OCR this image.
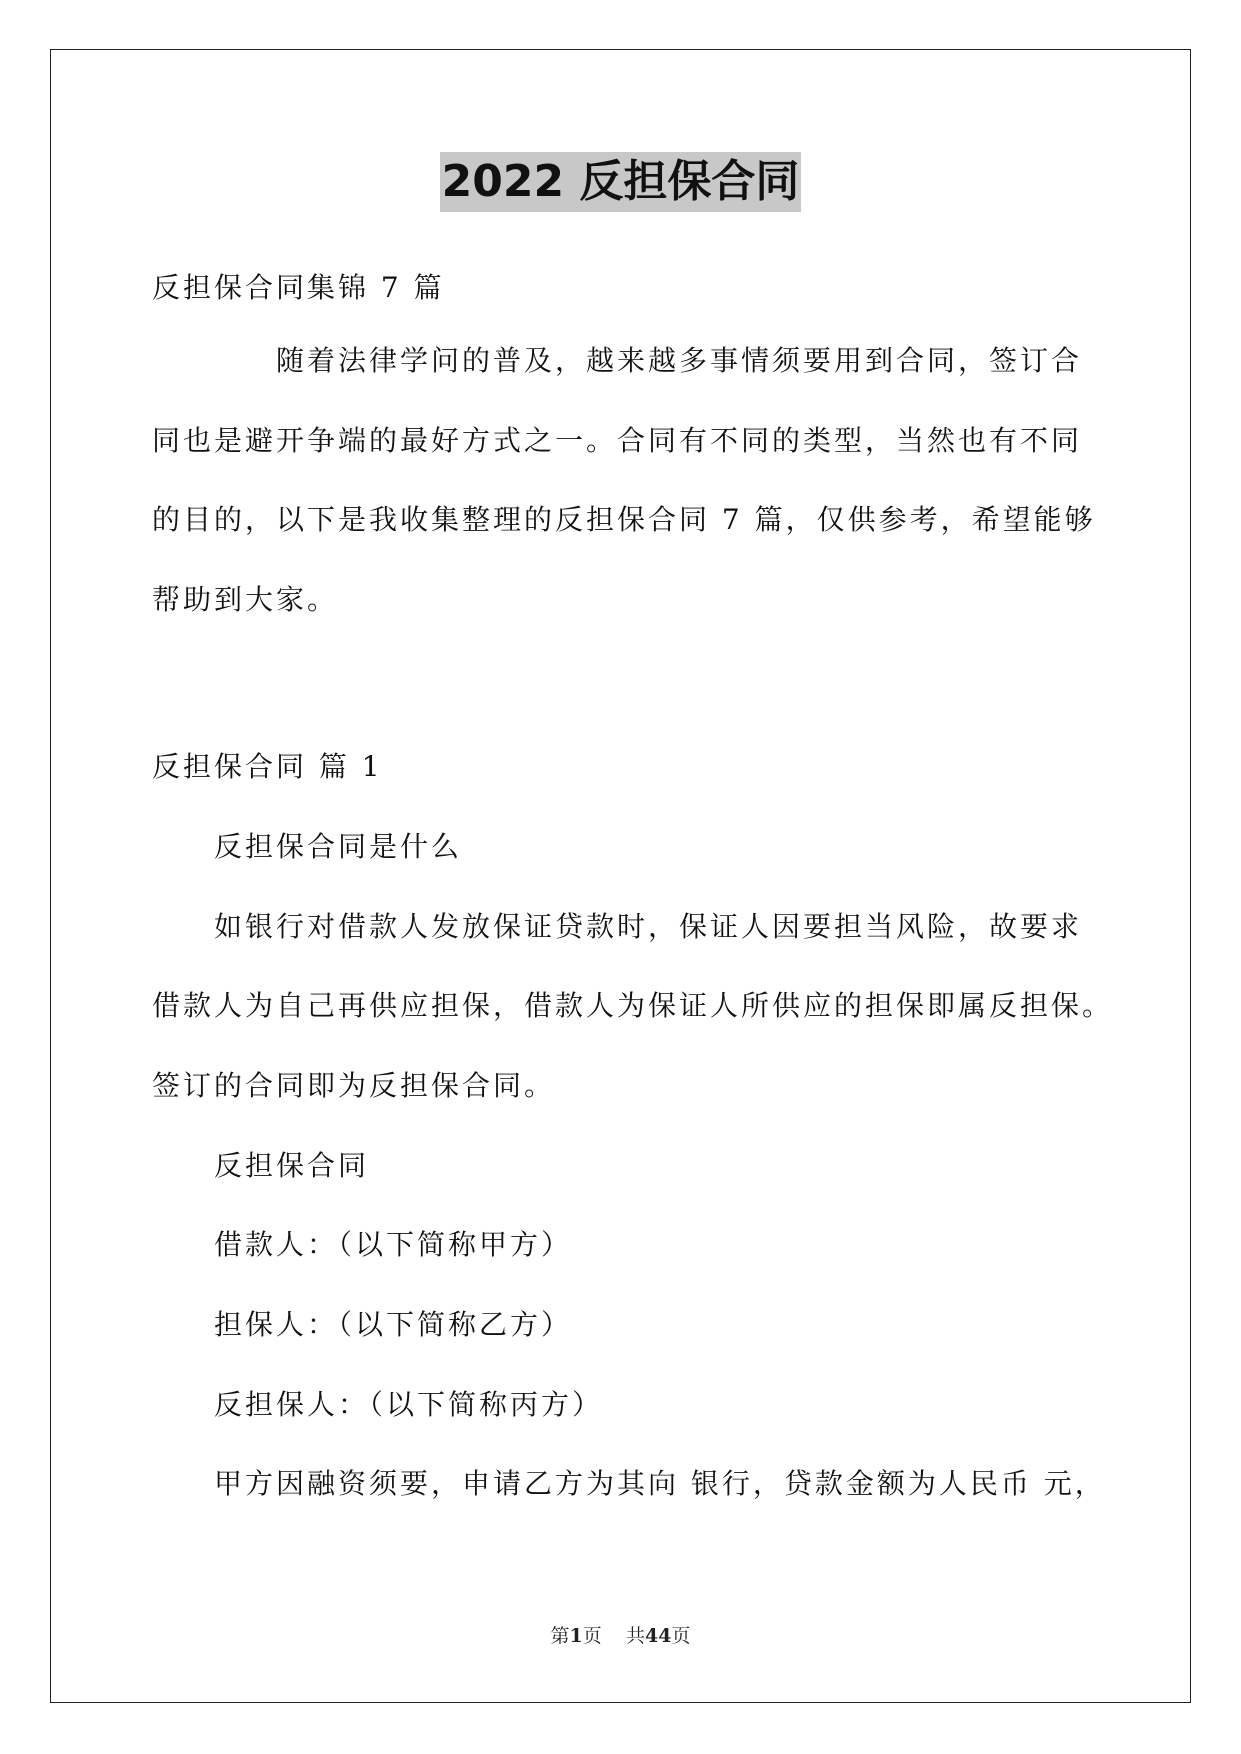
2022 反担保合同
反担保合同集锦 7 篇
随着法律学问的普及，越来越多事情须要用到合同，签订合
同也是避开争端的最好方式之一。合同有不同的类型，当然也有不同
的目的，以下是我收集整理的反担保合同 7 篇，仅供参考，希望能够
帮助到大家。
反担保合同 篇 1
反担保合同是什么
如银行对借款人发放保证贷款时，保证人因要担当风险，故要求
借款人为自己再供应担保，借款人为保证人所供应的担保即属反担保。
签订的合同即为反担保合同。
反担保合同
借款人：（以下简称甲方）
担保人：（以下简称乙方）
反担保人：（以下简称丙方）
甲方因融资须要，申请乙方为其向 银行，贷款金额为人民币 元，
第1页 共44页
